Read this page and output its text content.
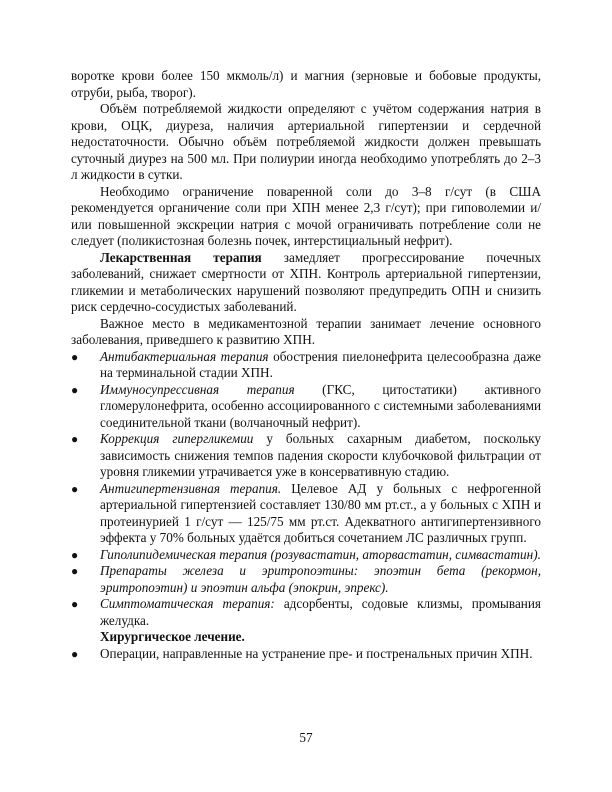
воротке крови более 150 мкмоль/л) и магния (зерновые и бобовые продукты, отруби, рыба, творог).

Объём потребляемой жидкости определяют с учётом содержания натрия в крови, ОЦК, диуреза, наличия артериальной гипертензии и сердечной недостаточности. Обычно объём потребляемой жидкости должен превышать суточный диурез на 500 мл. При полиурии иногда необходимо употреблять до 2–3 л жидкости в сутки.

Необходимо ограничение поваренной соли до 3–8 г/сут (в США рекомендуется органичение соли при ХПН менее 2,3 г/сут); при гиповолемии и/или повышенной экскреции натрия с мочой ограничивать потребление соли не следует (поликистозная болезнь почек, интерстициальный нефрит).

Лекарственная терапия замедляет прогрессирование почечных заболеваний, снижает смертности от ХПН. Контроль артериальной гипертензии, гликемии и метаболических нарушений позволяют предупредить ОПН и снизить риск сердечно-сосудистых заболеваний.

Важное место в медикаментозной терапии занимает лечение основного заболевания, приведшего к развитию ХПН.

●	Антибактериальная терапия обострения пиелонефрита целесообразна даже на терминальной стадии ХПН.

●	Иммуносупрессивная терапия (ГКС, цитостатики) активного гломерулонефрита, особенно ассоциированного с системными заболеваниями соединительной ткани (волчаночный нефрит).

●	Коррекция гипергликемии у больных сахарным диабетом, поскольку зависимость снижения темпов падения скорости клубочковой фильтрации от уровня гликемии утрачивается уже в консервативную стадию.

●	Антигипертензивная терапия. Целевое АД у больных с нефрогенной артериальной гипертензией составляет 130/80 мм рт.ст., а у больных с ХПН и протеинурией 1 г/сут — 125/75 мм рт.ст. Адекватного антигипертензивного эффекта у 70% больных удаётся добиться сочетанием ЛС различных групп.

●	Гиполипидемическая терапия (розувастатин, аторвастатин, симвастатин).

●	Препараты железа и эритропоэтины: эпоэтин бета (рекормон, эритропоэтин) и эпоэтин альфа (эпокрин, эпрекс).

●	Симптоматическая терапия: адсорбенты, содовые клизмы, промывания желудка.

Хирургическое лечение.

●	Операции, направленные на устранение пре- и постренальных причин ХПН.

57
